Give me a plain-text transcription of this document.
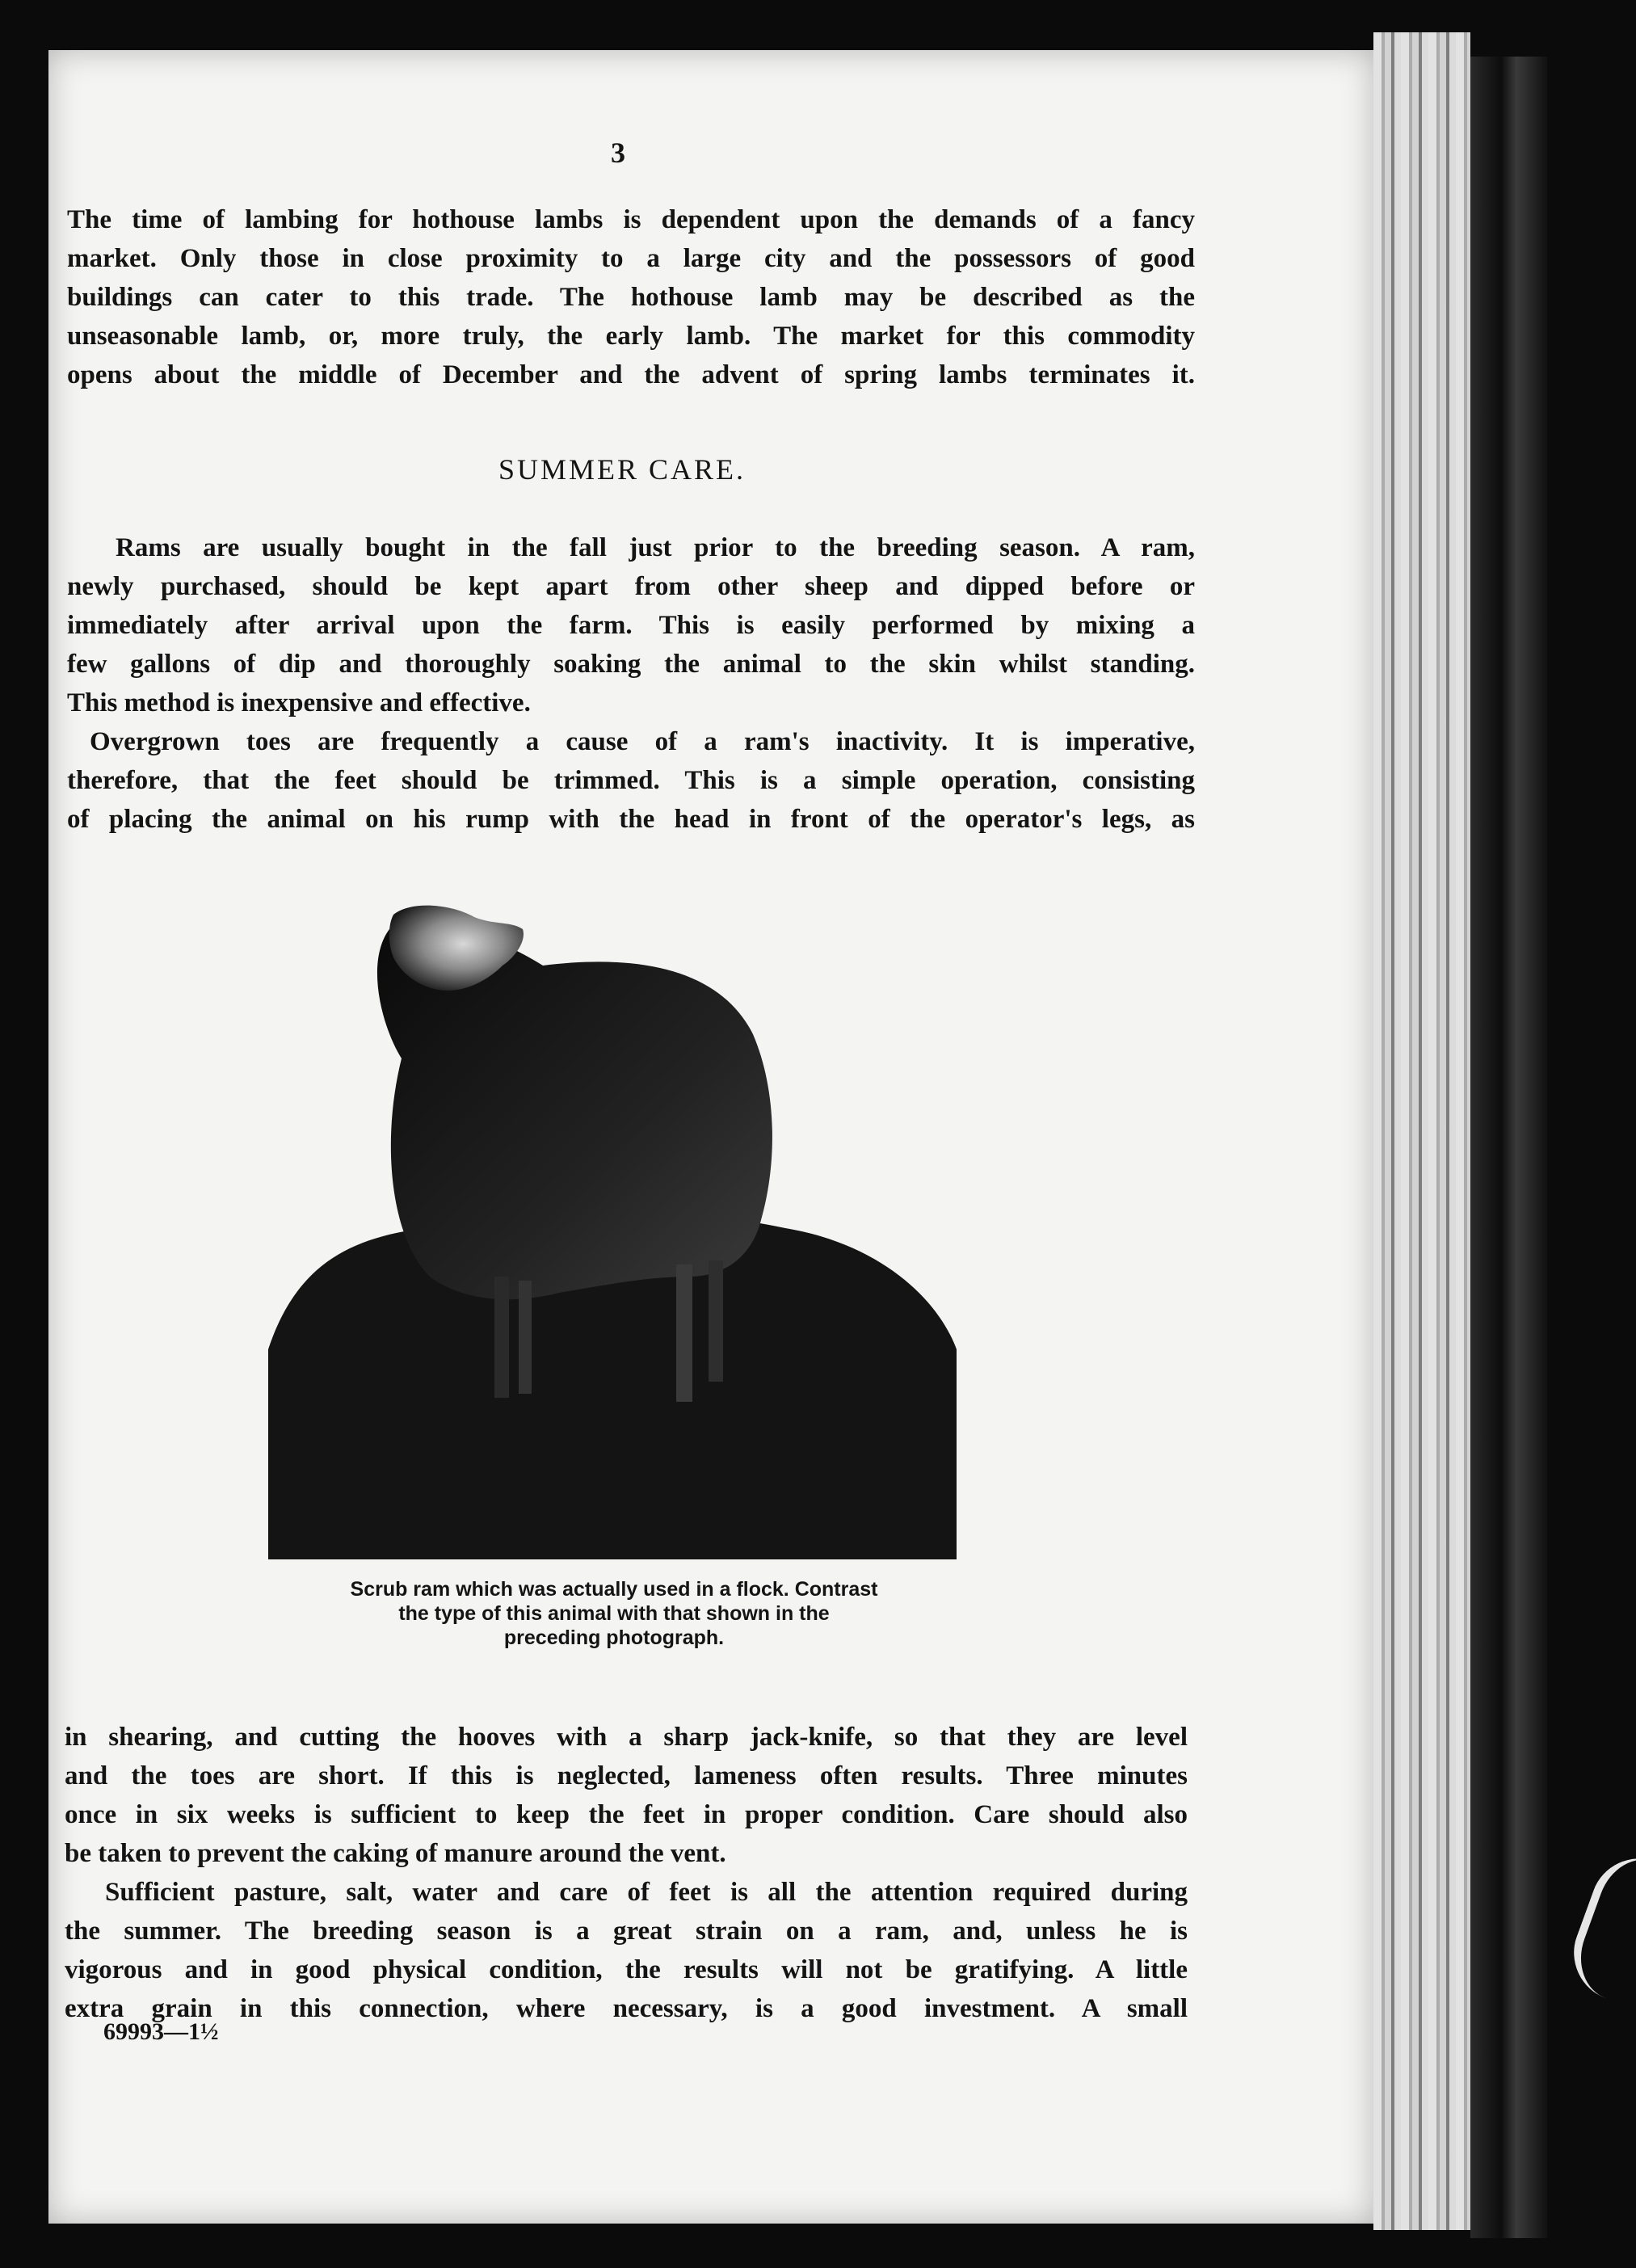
3
The time of lambing for hothouse lambs is dependent upon the demands of a fancy
market. Only those in close proximity to a large city and the possessors of good
buildings can cater to this trade. The hothouse lamb may be described as the
unseasonable lamb, or, more truly, the early lamb. The market for this commodity
opens about the middle of December and the advent of spring lambs terminates it.
SUMMER CARE.
Rams are usually bought in the fall just prior to the breeding season. A ram,
newly purchased, should be kept apart from other sheep and dipped before or
immediately after arrival upon the farm. This is easily performed by mixing a
few gallons of dip and thoroughly soaking the animal to the skin whilst standing.
This method is inexpensive and effective.
Overgrown toes are frequently a cause of a ram's inactivity. It is imperative,
therefore, that the feet should be trimmed. This is a simple operation, consisting
of placing the animal on his rump with the head in front of the operator's legs, as
Scrub ram which was actually used in a flock. Contrast
the type of this animal with that shown in the
preceding photograph.
in shearing, and cutting the hooves with a sharp jack-knife, so that they are level
and the toes are short. If this is neglected, lameness often results. Three minutes
once in six weeks is sufficient to keep the feet in proper condition. Care should also
be taken to prevent the caking of manure around the vent.
Sufficient pasture, salt, water and care of feet is all the attention required during
the summer. The breeding season is a great strain on a ram, and, unless he is
vigorous and in good physical condition, the results will not be gratifying. A little
extra grain in this connection, where necessary, is a good investment. A small
69993—1½
